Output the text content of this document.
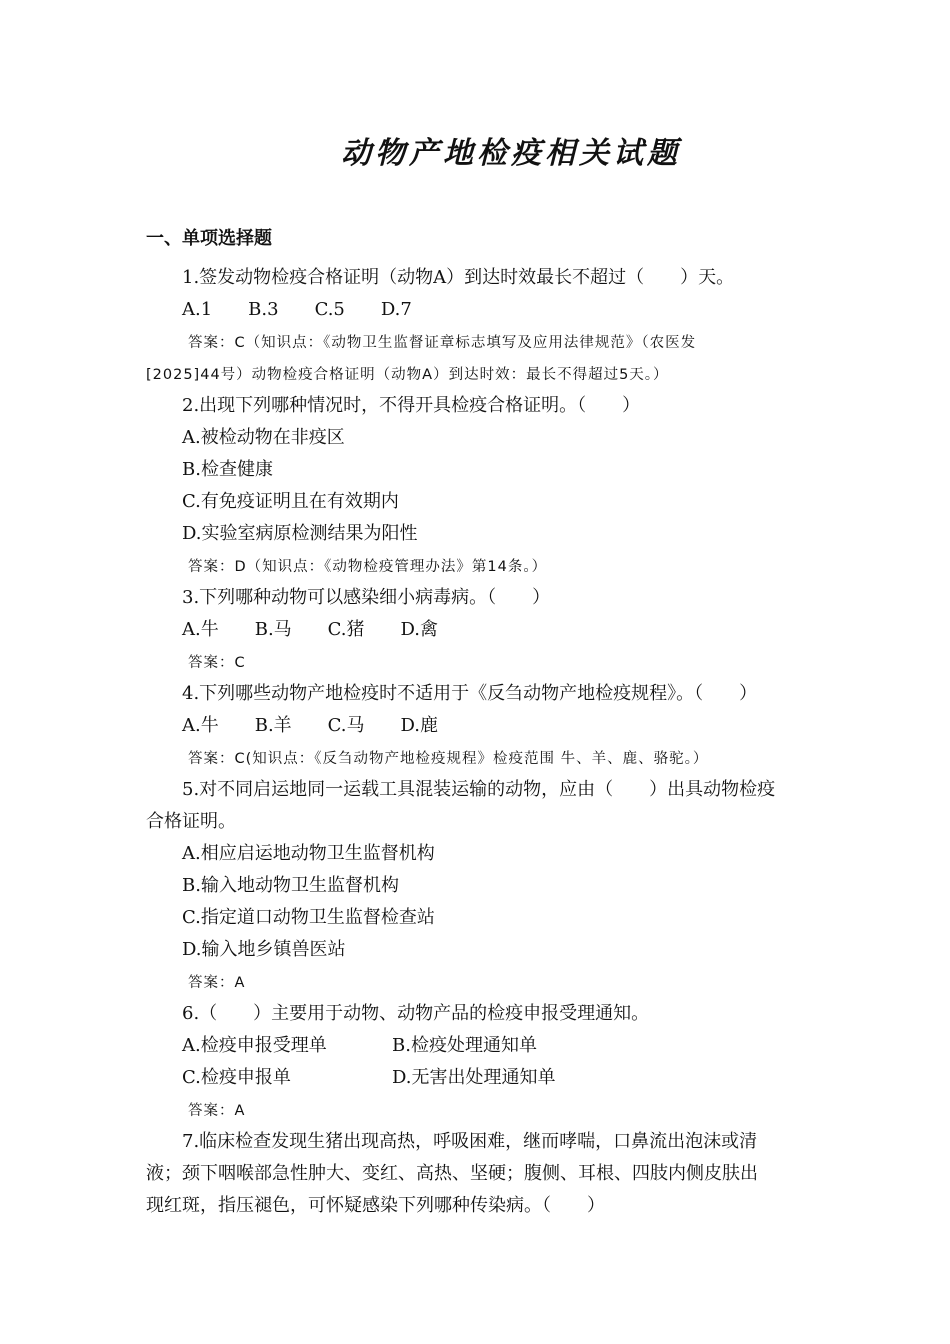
动物产地检疫相关试题
一、单项选择题
1.签发动物检疫合格证明（动物A）到达时效最长不超过（　　）天。
A.1　　B.3　　C.5　　D.7
答案：C（知识点：《动物卫生监督证章标志填写及应用法律规范》（农医发
[2025]44号）动物检疫合格证明（动物A）到达时效：最长不得超过5天。）
2.出现下列哪种情况时，不得开具检疫合格证明。（　　）
A.被检动物在非疫区
B.检查健康
C.有免疫证明且在有效期内
D.实验室病原检测结果为阳性
答案：D（知识点：《动物检疫管理办法》第14条。）
3.下列哪种动物可以感染细小病毒病。（　　）
A.牛　　B.马　　C.猪　　D.禽
答案：C
4.下列哪些动物产地检疫时不适用于《反刍动物产地检疫规程》。（　　）
A.牛　　B.羊　　C.马　　D.鹿
答案：C(知识点：《反刍动物产地检疫规程》检疫范围 牛、羊、鹿、骆驼。）
5.对不同启运地同一运载工具混装运输的动物，应由（　　）出具动物检疫
合格证明。
A.相应启运地动物卫生监督机构
B.输入地动物卫生监督机构
C.指定道口动物卫生监督检查站
D.输入地乡镇兽医站
答案：A
6.（　　）主要用于动物、动物产品的检疫申报受理通知。
A.检疫申报受理单	B.检疫处理通知单
C.检疫申报单	D.无害出处理通知单
答案：A
7.临床检查发现生猪出现高热，呼吸困难，继而哮喘，口鼻流出泡沫或清
液；颈下咽喉部急性肿大、变红、高热、坚硬；腹侧、耳根、四肢内侧皮肤出
现红斑，指压褪色，可怀疑感染下列哪种传染病。（　　）
